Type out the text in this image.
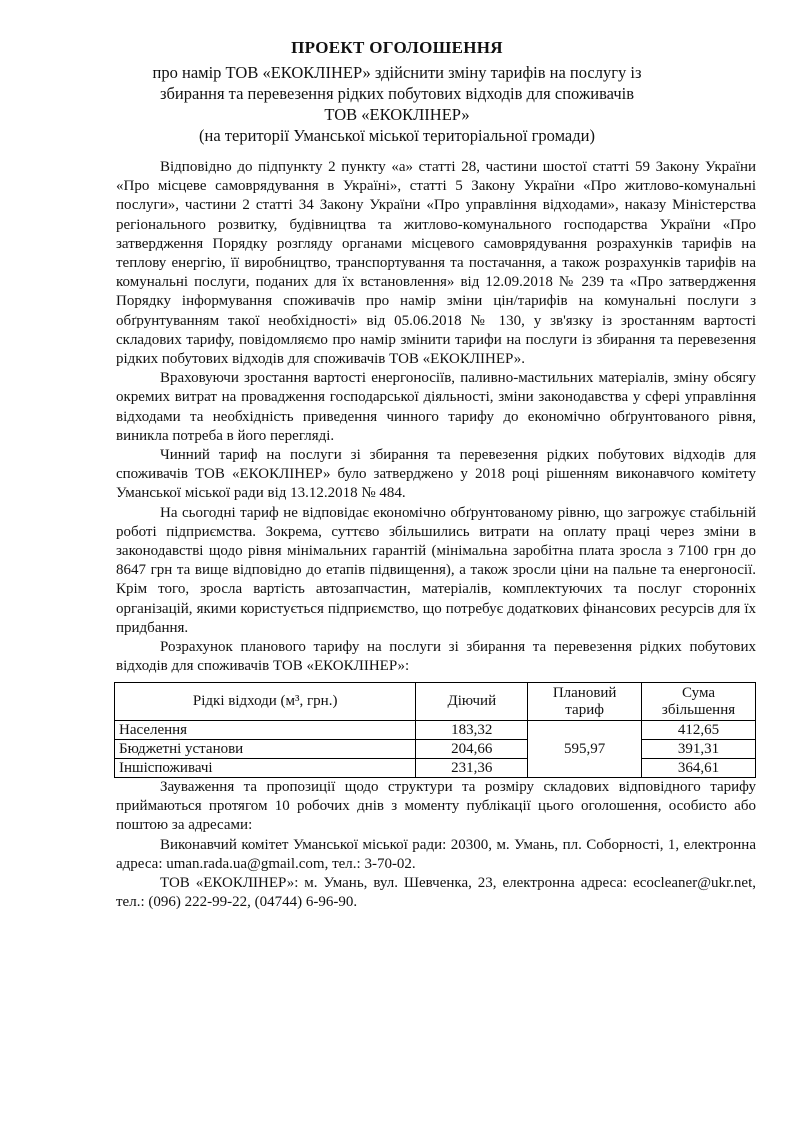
ПРОЕКТ ОГОЛОШЕННЯ
про намір ТОВ «ЕКОКЛІНЕР» здійснити зміну тарифів на послугу із
збирання та перевезення рідких побутових відходів для споживачів
ТОВ «ЕКОКЛІНЕР»
(на території Уманської міської територіальної громади)

Відповідно до підпункту 2 пункту «а» статті 28, частини шостої статті 59 Закону України «Про місцеве самоврядування в Україні», статті 5 Закону України «Про житлово-комунальні послуги», частини 2 статті 34 Закону України «Про управління відходами», наказу Міністерства регіонального розвитку, будівництва та житлово-комунального господарства України «Про затвердження Порядку розгляду органами місцевого самоврядування розрахунків тарифів на теплову енергію, її виробництво, транспортування та постачання, а також розрахунків тарифів на комунальні послуги, поданих для їх встановлення» від 12.09.2018 № 239 та «Про затвердження Порядку інформування споживачів про намір зміни цін/тарифів на комунальні послуги з обґрунтуванням такої необхідності» від 05.06.2018 № 130, у зв'язку із зростанням вартості складових тарифу, повідомляємо про намір змінити тарифи на послуги із збирання та перевезення рідких побутових відходів для споживачів ТОВ «ЕКОКЛІНЕР».

Враховуючи зростання вартості енергоносіїв, паливно-мастильних матеріалів, зміну обсягу окремих витрат на провадження господарської діяльності, зміни законодавства у сфері управління відходами та необхідність приведення чинного тарифу до економічно обґрунтованого рівня, виникла потреба в його перегляді.

Чинний тариф на послуги зі збирання та перевезення рідких побутових відходів для споживачів ТОВ «ЕКОКЛІНЕР» було затверджено у 2018 році рішенням виконавчого комітету Уманської міської ради від 13.12.2018 № 484.

На сьогодні тариф не відповідає економічно обґрунтованому рівню, що загрожує стабільній роботі підприємства. Зокрема, суттєво збільшились витрати на оплату праці через зміни в законодавстві щодо рівня мінімальних гарантій (мінімальна заробітна плата зросла з 7100 грн до 8647 грн та вище відповідно до етапів підвищення), а також зросли ціни на пальне та енергоносії. Крім того, зросла вартість автозапчастин, матеріалів, комплектуючих та послуг сторонніх організацій, якими користується підприємство, що потребує додаткових фінансових ресурсів для їх придбання.

Розрахунок планового тарифу на послуги зі збирання та перевезення рідких побутових відходів для споживачів ТОВ «ЕКОКЛІНЕР»:

Рідкі відходи (м³, грн.)	Діючий	Плановий тариф	Сума збільшення
Населення	183,32	595,97	412,65
Бюджетні установи	204,66		391,31
Іншіспоживачі	231,36		364,61

Зауваження та пропозиції щодо структури та розміру складових відповідного тарифу приймаються протягом 10 робочих днів з моменту публікації цього оголошення, особисто або поштою за адресами:

Виконавчий комітет Уманської міської ради: 20300, м. Умань, пл. Соборності, 1, електронна адреса: uman.rada.ua@gmail.com, тел.: 3-70-02.

ТОВ «ЕКОКЛІНЕР»: м. Умань, вул. Шевченка, 23, електронна адреса: ecocleaner@ukr.net, тел.: (096) 222-99-22, (04744) 6-96-90.
